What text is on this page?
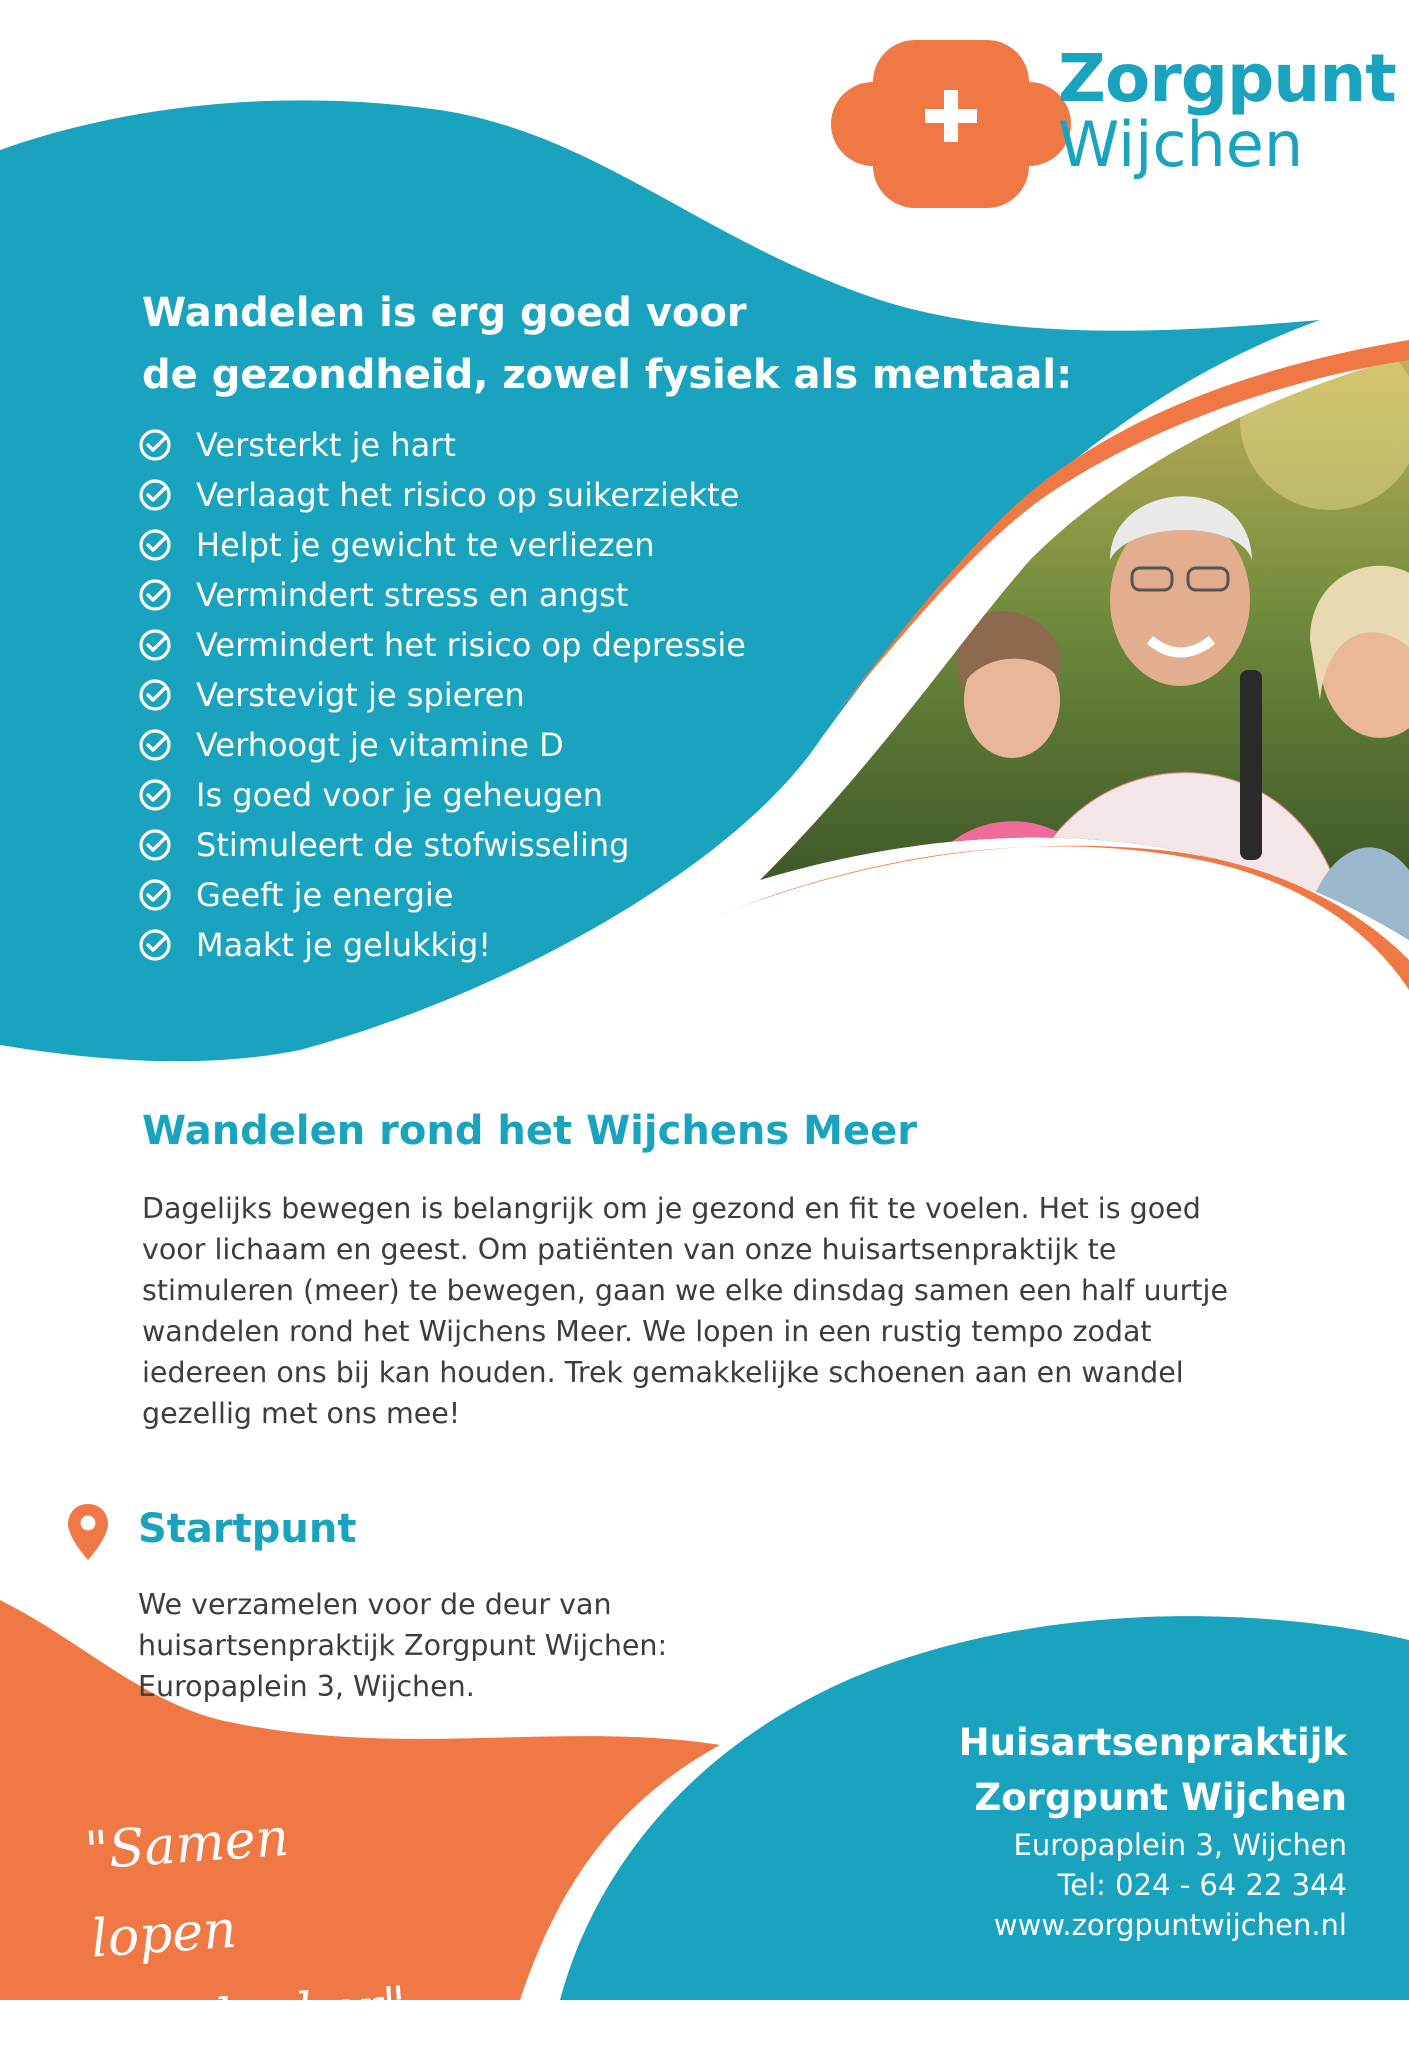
Zorgpunt
Wijchen
Wandelen is erg goed voor
de gezondheid, zowel fysiek als mentaal:
Versterkt je hart
Verlaagt het risico op suikerziekte
Helpt je gewicht te verliezen
Vermindert stress en angst
Vermindert het risico op depressie
Verstevigt je spieren
Verhoogt je vitamine D
Is goed voor je geheugen
Stimuleert de stofwisseling
Geeft je energie
Maakt je gelukkig!
Wandelen rond het Wijchens Meer
Dagelijks bewegen is belangrijk om je gezond en fit te voelen. Het is goed voor lichaam en geest. Om patiënten van onze huisartsenpraktijk te stimuleren (meer) te bewegen, gaan we elke dinsdag samen een half uurtje wandelen rond het Wijchens Meer. We lopen in een rustig tempo zodat iedereen ons bij kan houden. Trek gemakkelijke schoenen aan en wandel gezellig met ons mee!
Startpunt
We verzamelen voor de deur van
huisartsenpraktijk Zorgpunt Wijchen:
Europaplein 3, Wijchen.
Huisartsenpraktijk
Zorgpunt Wijchen
Europaplein 3, Wijchen
Tel: 024 - 64 22 344
www.zorgpuntwijchen.nl
"Samen lopen
is leuker"
